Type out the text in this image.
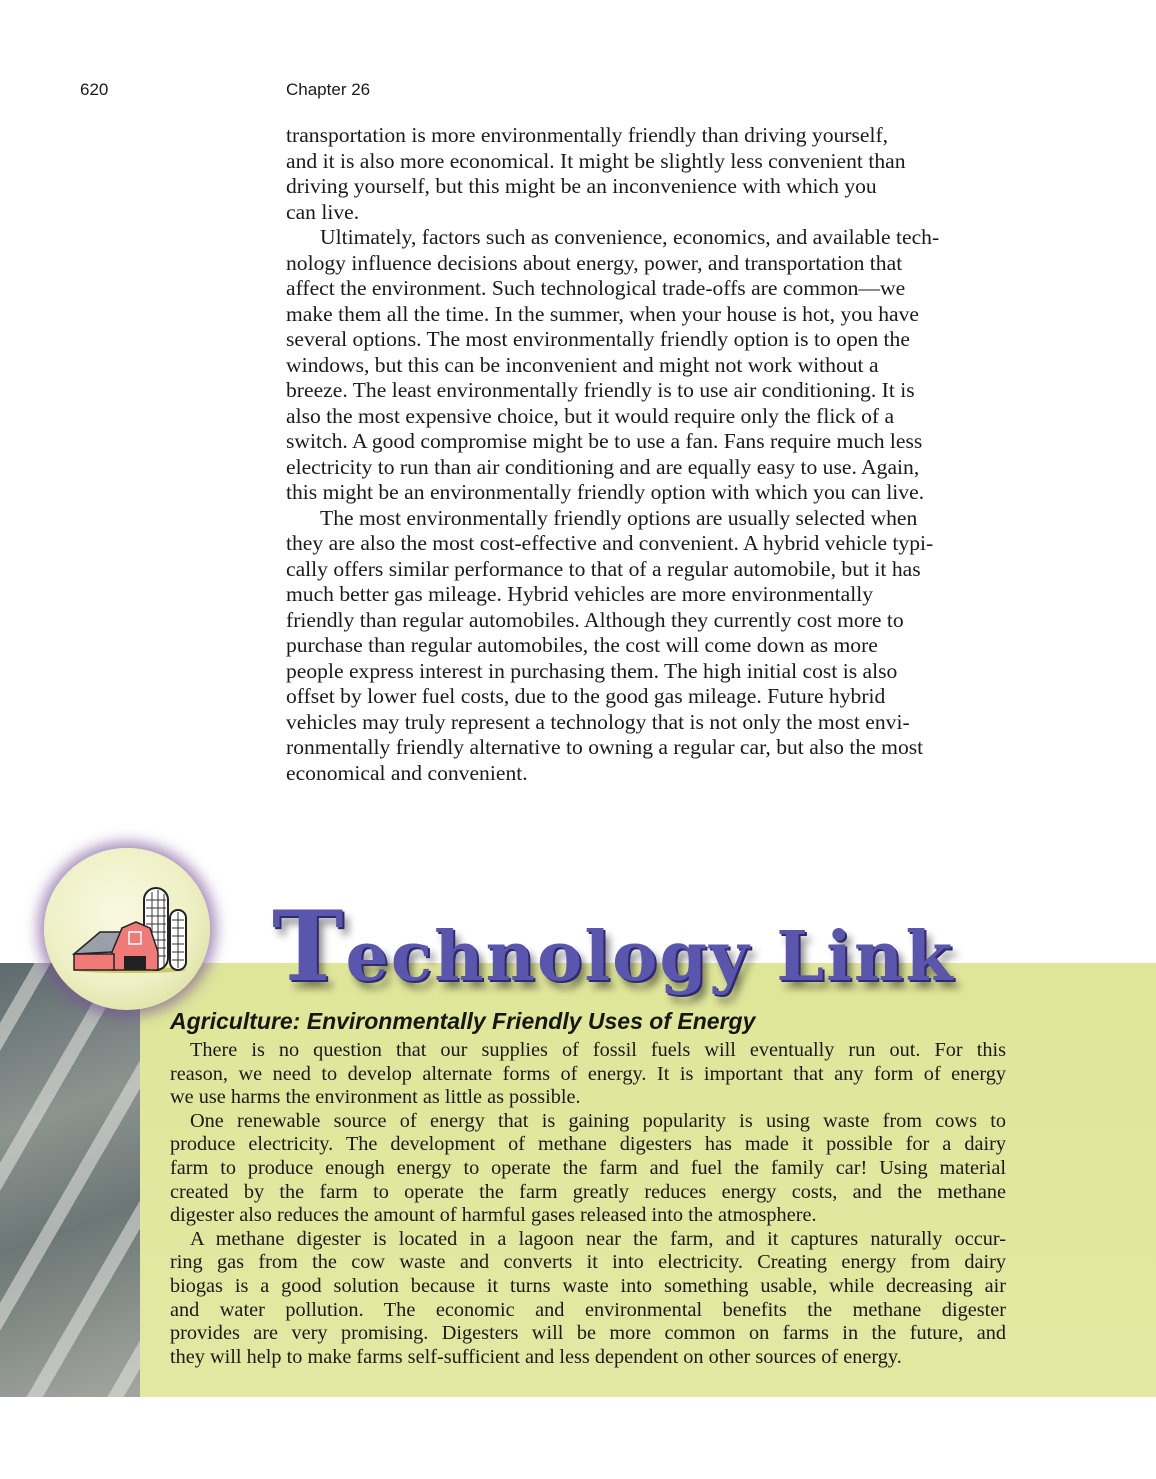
620	Chapter 26
transportation is more environmentally friendly than driving yourself,
and it is also more economical. It might be slightly less convenient than
driving yourself, but this might be an inconvenience with which you
can live.
Ultimately, factors such as convenience, economics, and available tech-
nology influence decisions about energy, power, and transportation that
affect the environment. Such technological trade-offs are common—we
make them all the time. In the summer, when your house is hot, you have
several options. The most environmentally friendly option is to open the
windows, but this can be inconvenient and might not work without a
breeze. The least environmentally friendly is to use air conditioning. It is
also the most expensive choice, but it would require only the flick of a
switch. A good compromise might be to use a fan. Fans require much less
electricity to run than air conditioning and are equally easy to use. Again,
this might be an environmentally friendly option with which you can live.
The most environmentally friendly options are usually selected when
they are also the most cost-effective and convenient. A hybrid vehicle typi-
cally offers similar performance to that of a regular automobile, but it has
much better gas mileage. Hybrid vehicles are more environmentally
friendly than regular automobiles. Although they currently cost more to
purchase than regular automobiles, the cost will come down as more
people express interest in purchasing them. The high initial cost is also
offset by lower fuel costs, due to the good gas mileage. Future hybrid
vehicles may truly represent a technology that is not only the most envi-
ronmentally friendly alternative to owning a regular car, but also the most
economical and convenient.
Technology Link
Agriculture: Environmentally Friendly Uses of Energy
There is no question that our supplies of fossil fuels will eventually run out. For this
reason, we need to develop alternate forms of energy. It is important that any form of energy
we use harms the environment as little as possible.
One renewable source of energy that is gaining popularity is using waste from cows to
produce electricity. The development of methane digesters has made it possible for a dairy
farm to produce enough energy to operate the farm and fuel the family car! Using material
created by the farm to operate the farm greatly reduces energy costs, and the methane
digester also reduces the amount of harmful gases released into the atmosphere.
A methane digester is located in a lagoon near the farm, and it captures naturally occur-
ring gas from the cow waste and converts it into electricity. Creating energy from dairy
biogas is a good solution because it turns waste into something usable, while decreasing air
and water pollution. The economic and environmental benefits the methane digester
provides are very promising. Digesters will be more common on farms in the future, and
they will help to make farms self-sufficient and less dependent on other sources of energy.
